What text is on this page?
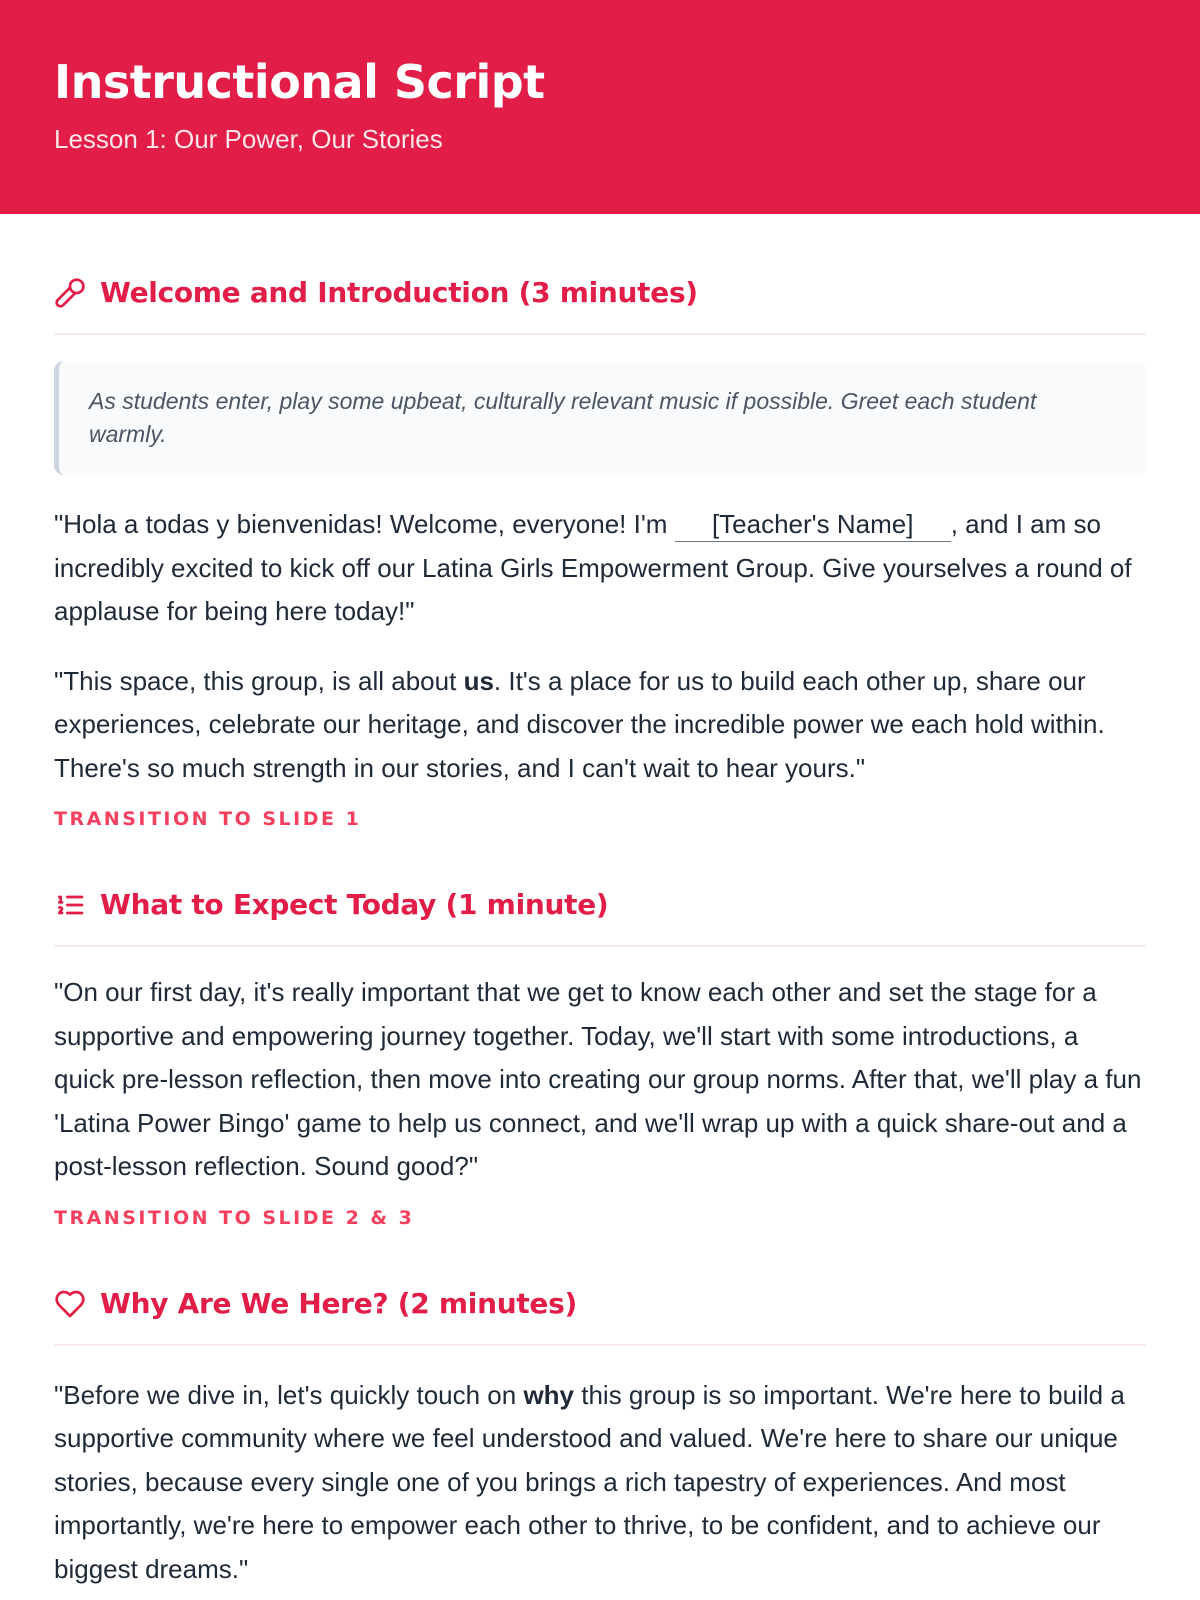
Instructional Script
Lesson 1: Our Power, Our Stories
Welcome and Introduction (3 minutes)
As students enter, play some upbeat, culturally relevant music if possible. Greet each student warmly.

"Hola a todas y bienvenidas! Welcome, everyone! I'm [Teacher's Name] , and I am so incredibly excited to kick off our Latina Girls Empowerment Group. Give yourselves a round of applause for being here today!"

"This space, this group, is all about us. It's a place for us to build each other up, share our experiences, celebrate our heritage, and discover the incredible power we each hold within. There's so much strength in our stories, and I can't wait to hear yours."

TRANSITION TO SLIDE 1
What to Expect Today (1 minute)

"On our first day, it's really important that we get to know each other and set the stage for a supportive and empowering journey together. Today, we'll start with some introductions, a quick pre-lesson reflection, then move into creating our group norms. After that, we'll play a fun 'Latina Power Bingo' game to help us connect, and we'll wrap up with a quick share-out and a post-lesson reflection. Sound good?"

TRANSITION TO SLIDE 2 & 3
Why Are We Here? (2 minutes)

"Before we dive in, let's quickly touch on why this group is so important. We're here to build a supportive community where we feel understood and valued. We're here to share our unique stories, because every single one of you brings a rich tapestry of experiences. And most importantly, we're here to empower each other to thrive, to be confident, and to achieve our biggest dreams."
